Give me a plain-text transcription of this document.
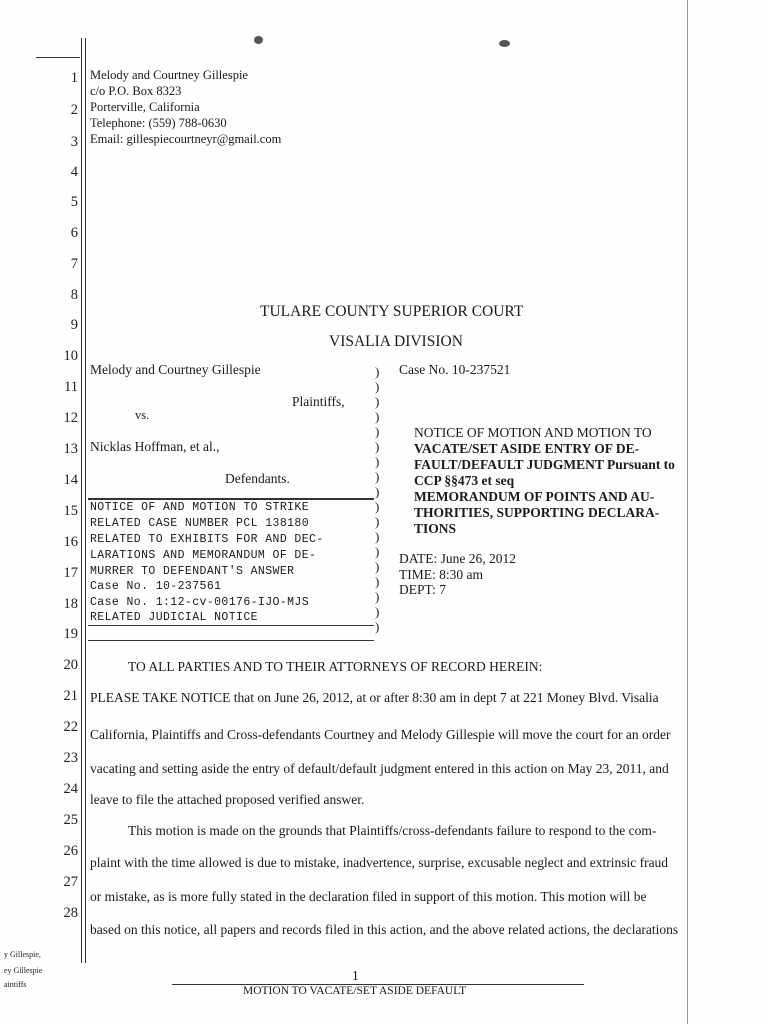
1
2
3
4
5
6
7
8
9
10
11
12
13
14
15
16
17
18
19
20
21
22
23
24
25
26
27
28
Melody and Courtney Gillespie
c/o P.O. Box 8323
Porterville, California
Telephone: (559) 788-0630
Email: gillespiecourtneyr@gmail.com
TULARE COUNTY SUPERIOR COURT
VISALIA DIVISION
Melody and Courtney Gillespie
Plaintiffs,
vs.
Nicklas Hoffman, et al.,
Defendants.
NOTICE OF AND MOTION TO STRIKE
RELATED CASE NUMBER PCL 138180
RELATED TO EXHIBITS FOR AND DEC-
LARATIONS AND MEMORANDUM OF DE-
MURRER TO DEFENDANT'S ANSWER
Case No. 10-237561
Case No. 1:12-cv-00176-IJO-MJS
RELATED JUDICIAL NOTICE
)
)
)
)
)
)
)
)
)
)
)
)
)
)
)
)
)
)
Case No. 10-237521
NOTICE OF MOTION AND MOTION TO
VACATE/SET ASIDE ENTRY OF DE-
FAULT/DEFAULT JUDGMENT Pursuant to
CCP §§473 et seq
MEMORANDUM OF POINTS AND AU-
THORITIES, SUPPORTING DECLARA-
TIONS
DATE: June 26, 2012
TIME: 8:30 am
DEPT: 7
TO ALL PARTIES AND TO THEIR ATTORNEYS OF RECORD HEREIN:
PLEASE TAKE NOTICE that on June 26, 2012, at or after 8:30 am in dept 7 at 221 Money Blvd. Visalia
California, Plaintiffs and Cross-defendants Courtney and Melody Gillespie will move the court for an order
vacating and setting aside the entry of default/default judgment entered in this action on May 23, 2011, and
leave to file the attached proposed verified answer.
This motion is made on the grounds that Plaintiffs/cross-defendants failure to respond to the com-
plaint with the time allowed is due to mistake, inadvertence, surprise, excusable neglect and extrinsic fraud
or mistake, as is more fully stated in the declaration filed in support of this motion. This motion will be
based on this notice, all papers and records filed in this action, and the above related actions, the declarations
y Gillespie,
ey Gillespie
aintiffs
1
MOTION TO VACATE/SET ASIDE DEFAULT
